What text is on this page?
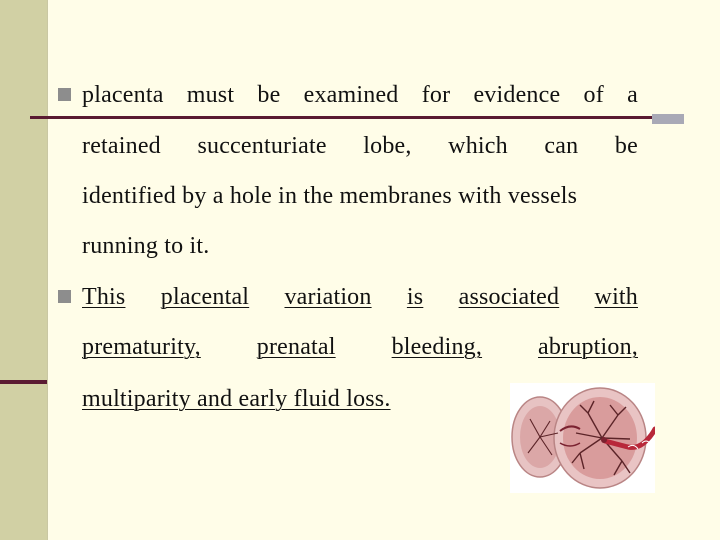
placenta must be examined for evidence of a
retained succenturiate lobe, which can be
identified by a hole in the membranes with vessels
running to it.
This placental variation is associated with
prematurity, prenatal bleeding, abruption,
multiparity and early fluid loss.
